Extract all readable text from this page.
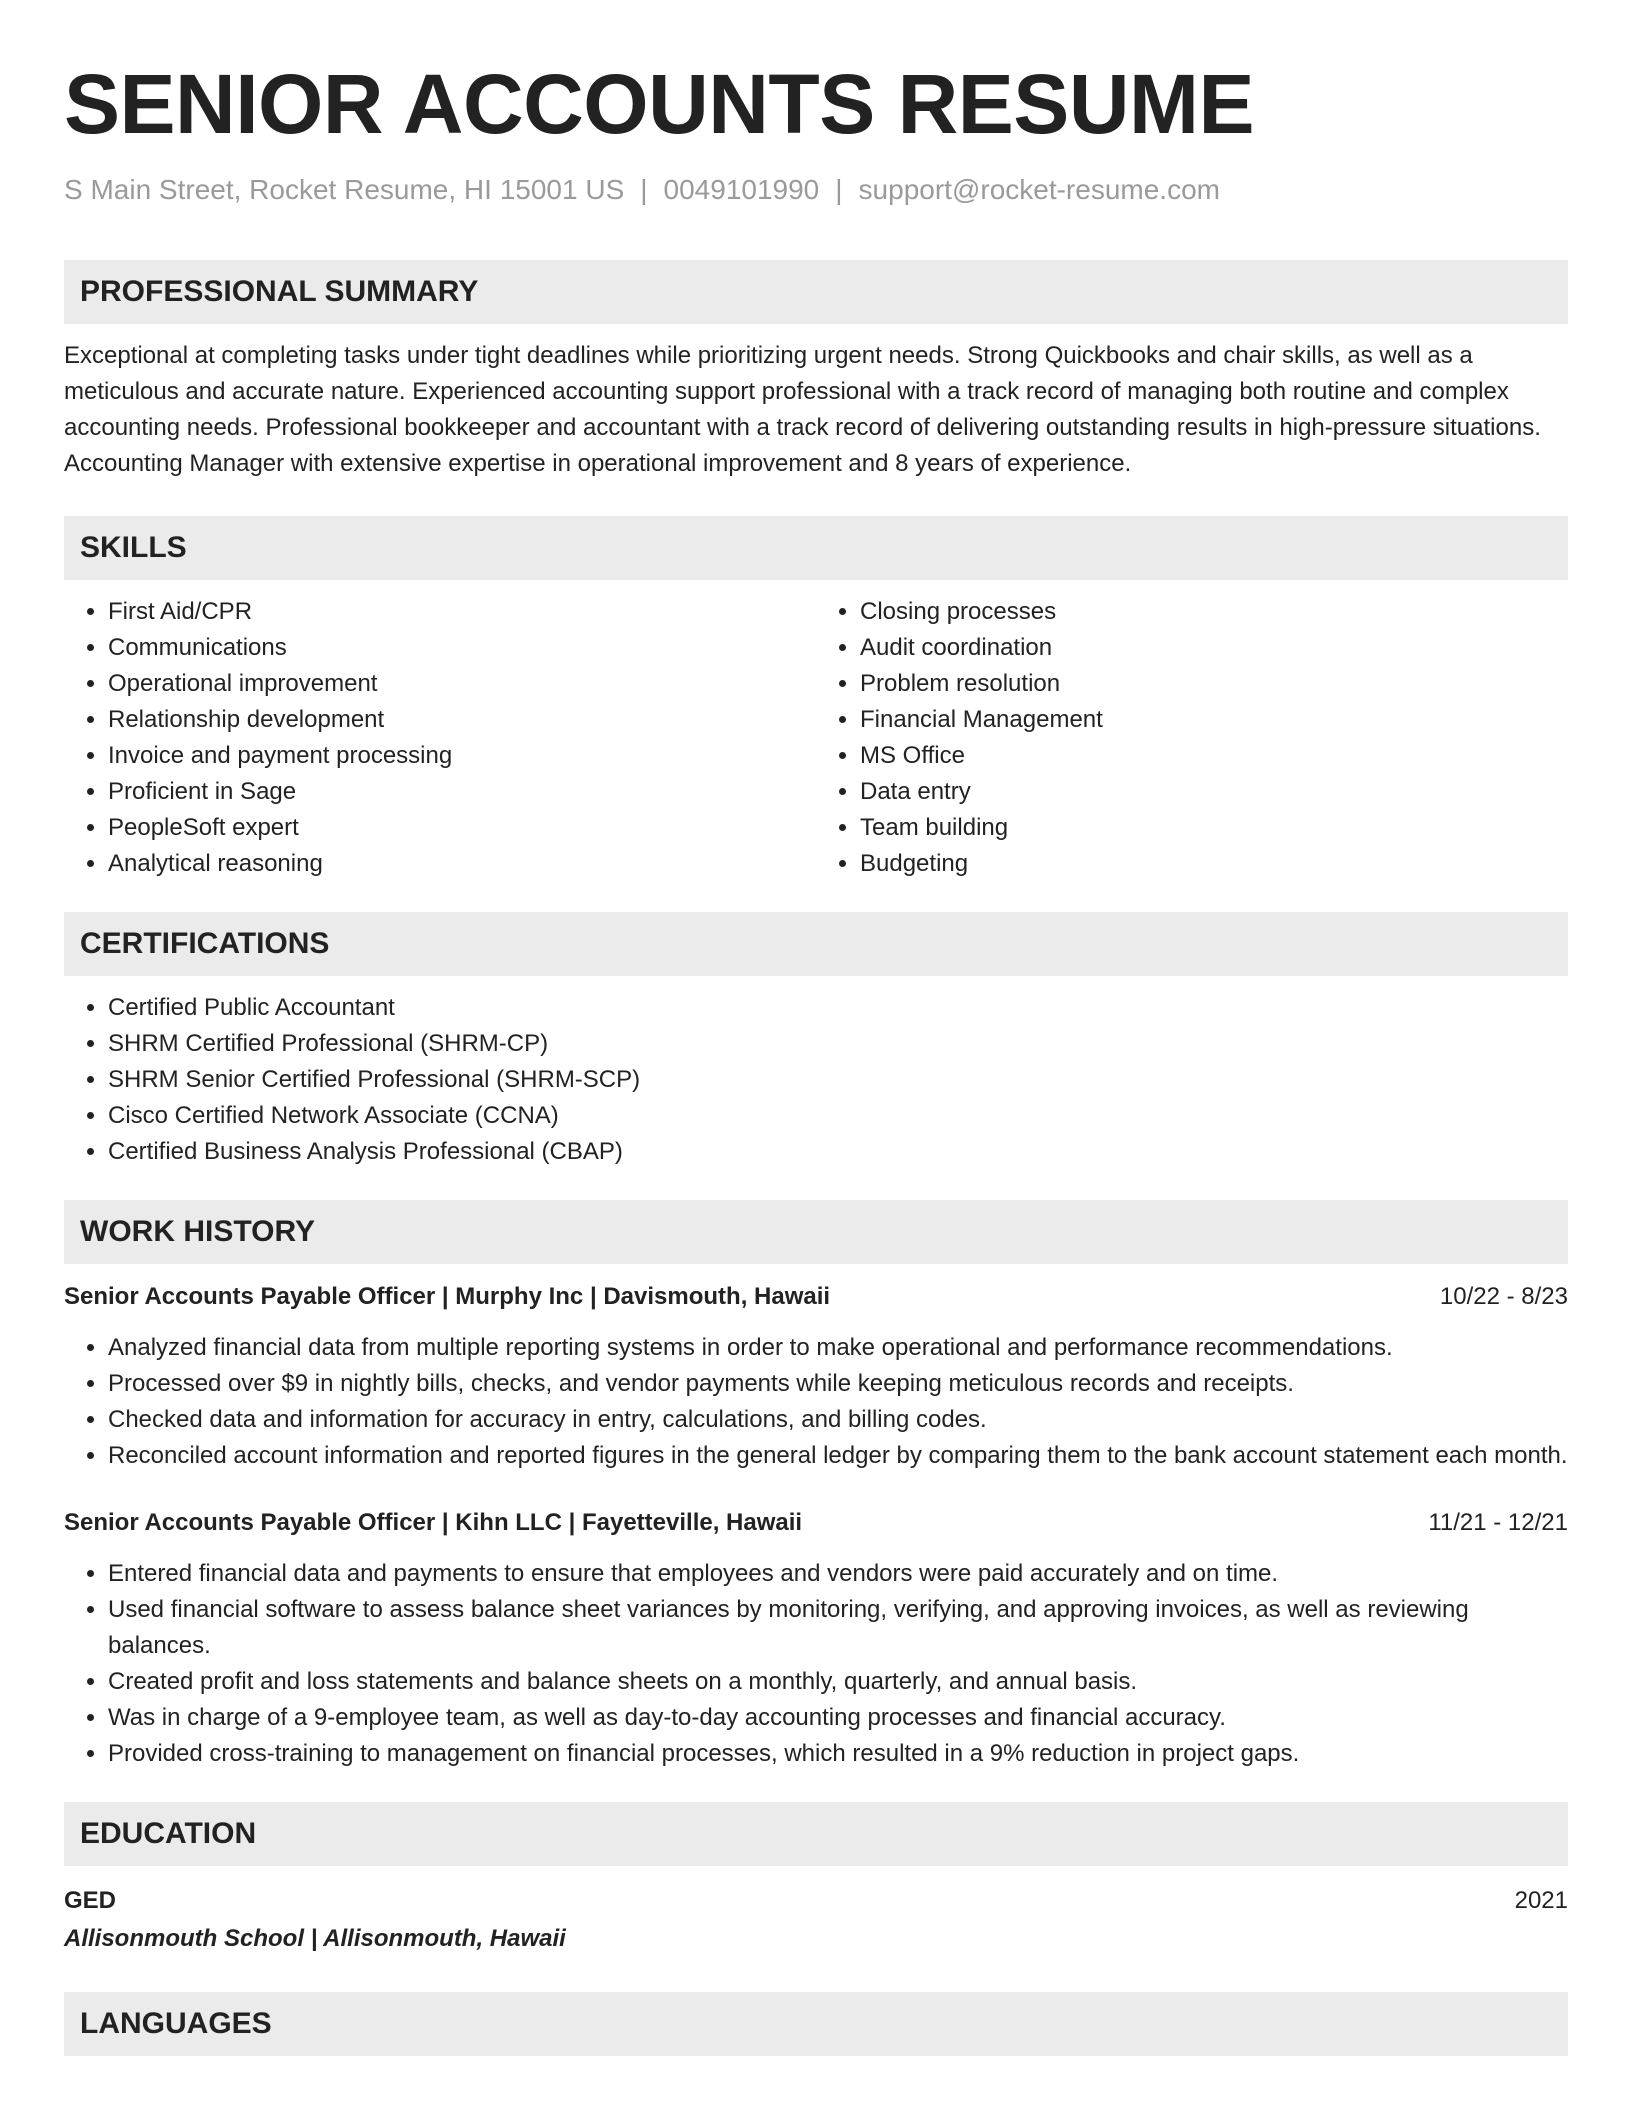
SENIOR ACCOUNTS RESUME
S Main Street, Rocket Resume, HI 15001 US | 0049101990 | support@rocket-resume.com
PROFESSIONAL SUMMARY

Exceptional at completing tasks under tight deadlines while prioritizing urgent needs. Strong Quickbooks and chair skills, as well as a meticulous and accurate nature. Experienced accounting support professional with a track record of managing both routine and complex accounting needs. Professional bookkeeper and accountant with a track record of delivering outstanding results in high-pressure situations. Accounting Manager with extensive expertise in operational improvement and 8 years of experience.

SKILLS
• First Aid/CPR
• Communications
• Operational improvement
• Relationship development
• Invoice and payment processing
• Proficient in Sage
• PeopleSoft expert
• Analytical reasoning
• Closing processes
• Audit coordination
• Problem resolution
• Financial Management
• MS Office
• Data entry
• Team building
• Budgeting
CERTIFICATIONS
• Certified Public Accountant
• SHRM Certified Professional (SHRM-CP)
• SHRM Senior Certified Professional (SHRM-SCP)
• Cisco Certified Network Associate (CCNA)
• Certified Business Analysis Professional (CBAP)
WORK HISTORY
Senior Accounts Payable Officer | Murphy Inc | Davismouth, Hawaii	10/22 - 8/23
• Analyzed financial data from multiple reporting systems in order to make operational and performance recommendations.
• Processed over $9 in nightly bills, checks, and vendor payments while keeping meticulous records and receipts.
• Checked data and information for accuracy in entry, calculations, and billing codes.
• Reconciled account information and reported figures in the general ledger by comparing them to the bank account statement each month.
Senior Accounts Payable Officer | Kihn LLC | Fayetteville, Hawaii	11/21 - 12/21
• Entered financial data and payments to ensure that employees and vendors were paid accurately and on time.
• Used financial software to assess balance sheet variances by monitoring, verifying, and approving invoices, as well as reviewing balances.
• Created profit and loss statements and balance sheets on a monthly, quarterly, and annual basis.
• Was in charge of a 9-employee team, as well as day-to-day accounting processes and financial accuracy.
• Provided cross-training to management on financial processes, which resulted in a 9% reduction in project gaps.
EDUCATION
GED	2021
Allisonmouth School | Allisonmouth, Hawaii
LANGUAGES
